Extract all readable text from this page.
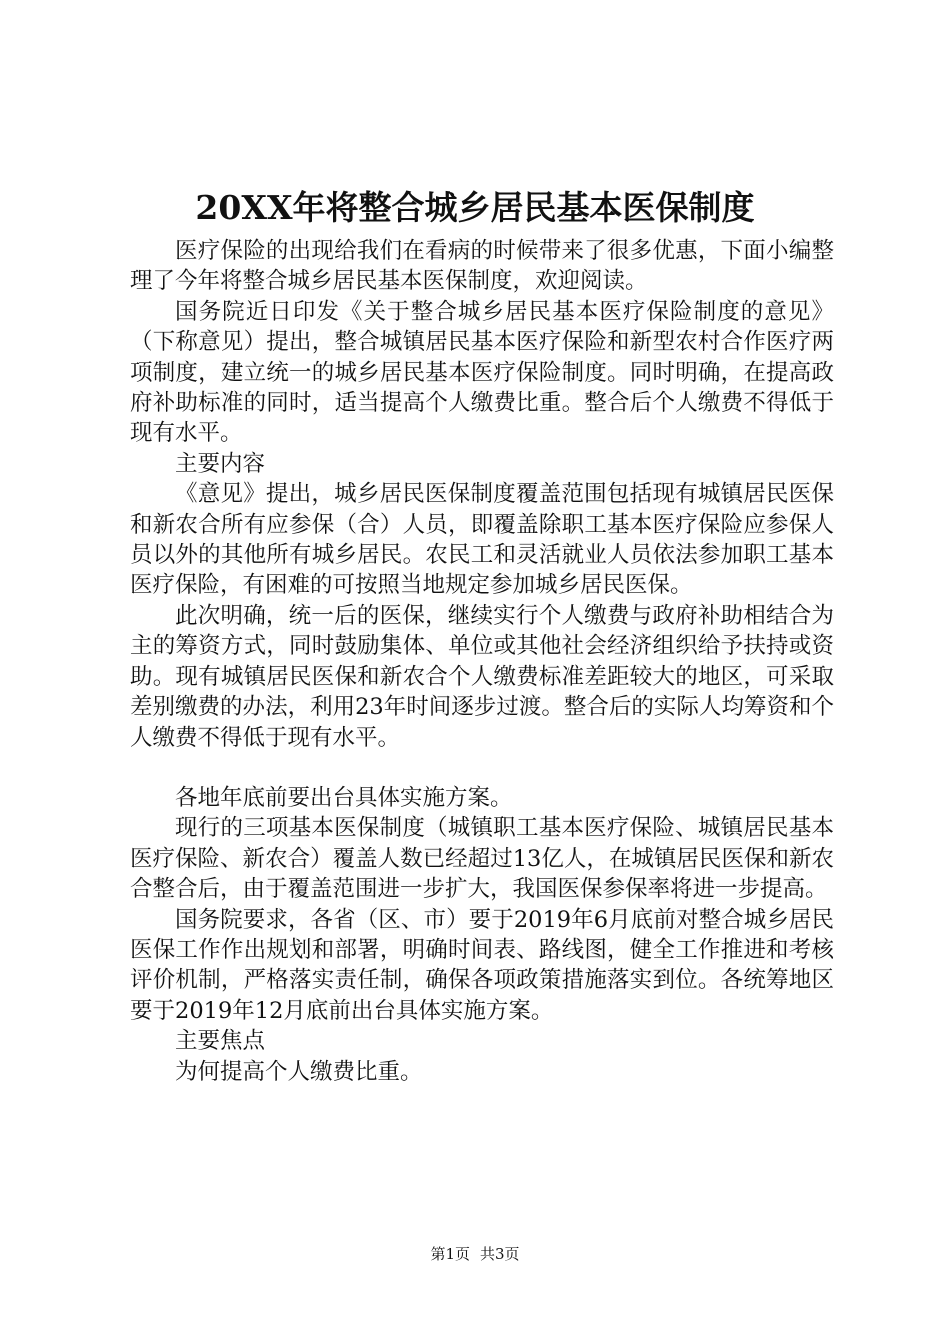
20XX年将整合城乡居民基本医保制度

医疗保险的出现给我们在看病的时候带来了很多优惠，下面小编整理了今年将整合城乡居民基本医保制度，欢迎阅读。

国务院近日印发《关于整合城乡居民基本医疗保险制度的意见》（下称意见）提出，整合城镇居民基本医疗保险和新型农村合作医疗两项制度，建立统一的城乡居民基本医疗保险制度。同时明确，在提高政府补助标准的同时，适当提高个人缴费比重。整合后个人缴费不得低于现有水平。

主要内容

《意见》提出，城乡居民医保制度覆盖范围包括现有城镇居民医保和新农合所有应参保（合）人员，即覆盖除职工基本医疗保险应参保人员以外的其他所有城乡居民。农民工和灵活就业人员依法参加职工基本医疗保险，有困难的可按照当地规定参加城乡居民医保。

此次明确，统一后的医保，继续实行个人缴费与政府补助相结合为主的筹资方式，同时鼓励集体、单位或其他社会经济组织给予扶持或资助。现有城镇居民医保和新农合个人缴费标准差距较大的地区，可采取差别缴费的办法，利用23年时间逐步过渡。整合后的实际人均筹资和个人缴费不得低于现有水平。

各地年底前要出台具体实施方案。

现行的三项基本医保制度（城镇职工基本医疗保险、城镇居民基本医疗保险、新农合）覆盖人数已经超过13亿人，在城镇居民医保和新农合整合后，由于覆盖范围进一步扩大，我国医保参保率将进一步提高。

国务院要求，各省（区、市）要于2019年6月底前对整合城乡居民医保工作作出规划和部署，明确时间表、路线图，健全工作推进和考核评价机制，严格落实责任制，确保各项政策措施落实到位。各统筹地区要于2019年12月底前出台具体实施方案。

主要焦点

为何提高个人缴费比重。

第1页 共3页
